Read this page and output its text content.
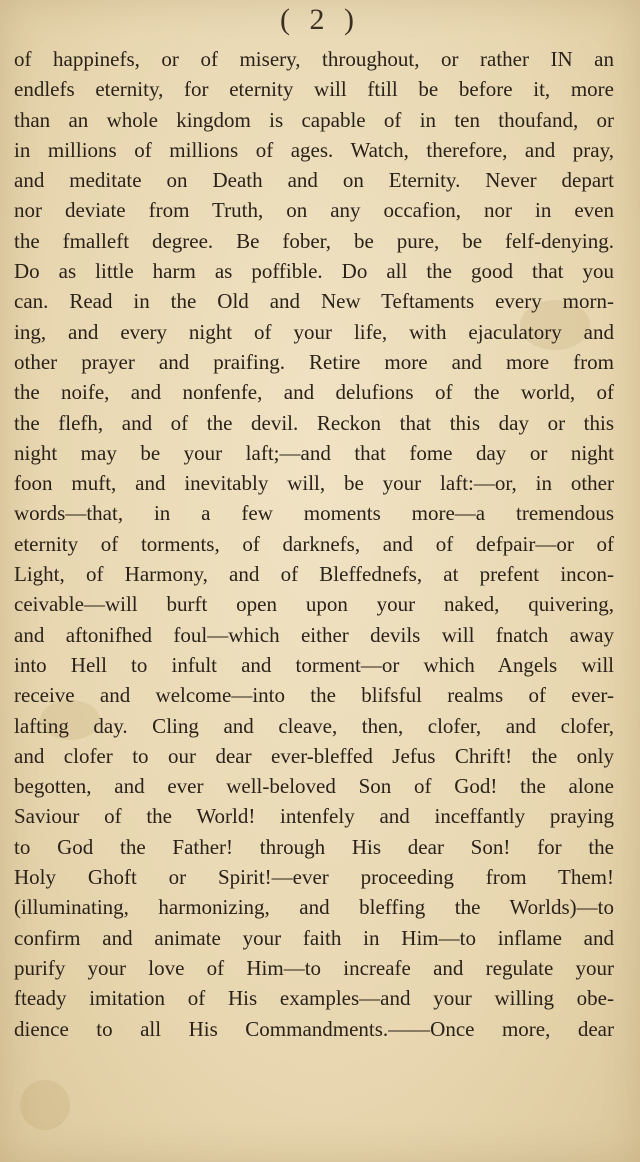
( 2 )
of happinefs, or of misery, throughout, or rather IN an
endlefs eternity, for eternity will ftill be before it, more
than an whole kingdom is capable of in ten thoufand, or
in millions of millions of ages. Watch, therefore, and pray,
and meditate on Death and on Eternity. Never depart
nor deviate from Truth, on any occafion, nor in even
the fmalleft degree. Be fober, be pure, be felf-denying.
Do as little harm as poffible. Do all the good that you
can. Read in the Old and New Teftaments every morn-
ing, and every night of your life, with ejaculatory and
other prayer and praifing. Retire more and more from
the noife, and nonfenfe, and delufions of the world, of
the flefh, and of the devil. Reckon that this day or this
night may be your laft;—and that fome day or night
foon muft, and inevitably will, be your laft:—or, in other
words—that, in a few moments more—a tremendous
eternity of torments, of darknefs, and of defpair—or of
Light, of Harmony, and of Bleffednefs, at prefent incon-
ceivable—will burft open upon your naked, quivering,
and aftonifhed foul—which either devils will fnatch away
into Hell to infult and torment—or which Angels will
receive and welcome—into the blifsful realms of ever-
lafting day. Cling and cleave, then, clofer, and clofer,
and clofer to our dear ever-bleffed Jefus Chrift! the only
begotten, and ever well-beloved Son of God! the alone
Saviour of the World! intenfely and inceffantly praying
to God the Father! through His dear Son! for the
Holy Ghoft or Spirit!—ever proceeding from Them!
(illuminating, harmonizing, and bleffing the Worlds)—to
confirm and animate your faith in Him—to inflame and
purify your love of Him—to increafe and regulate your
fteady imitation of His examples—and your willing obe-
dience to all His Commandments.——Once more, dear
